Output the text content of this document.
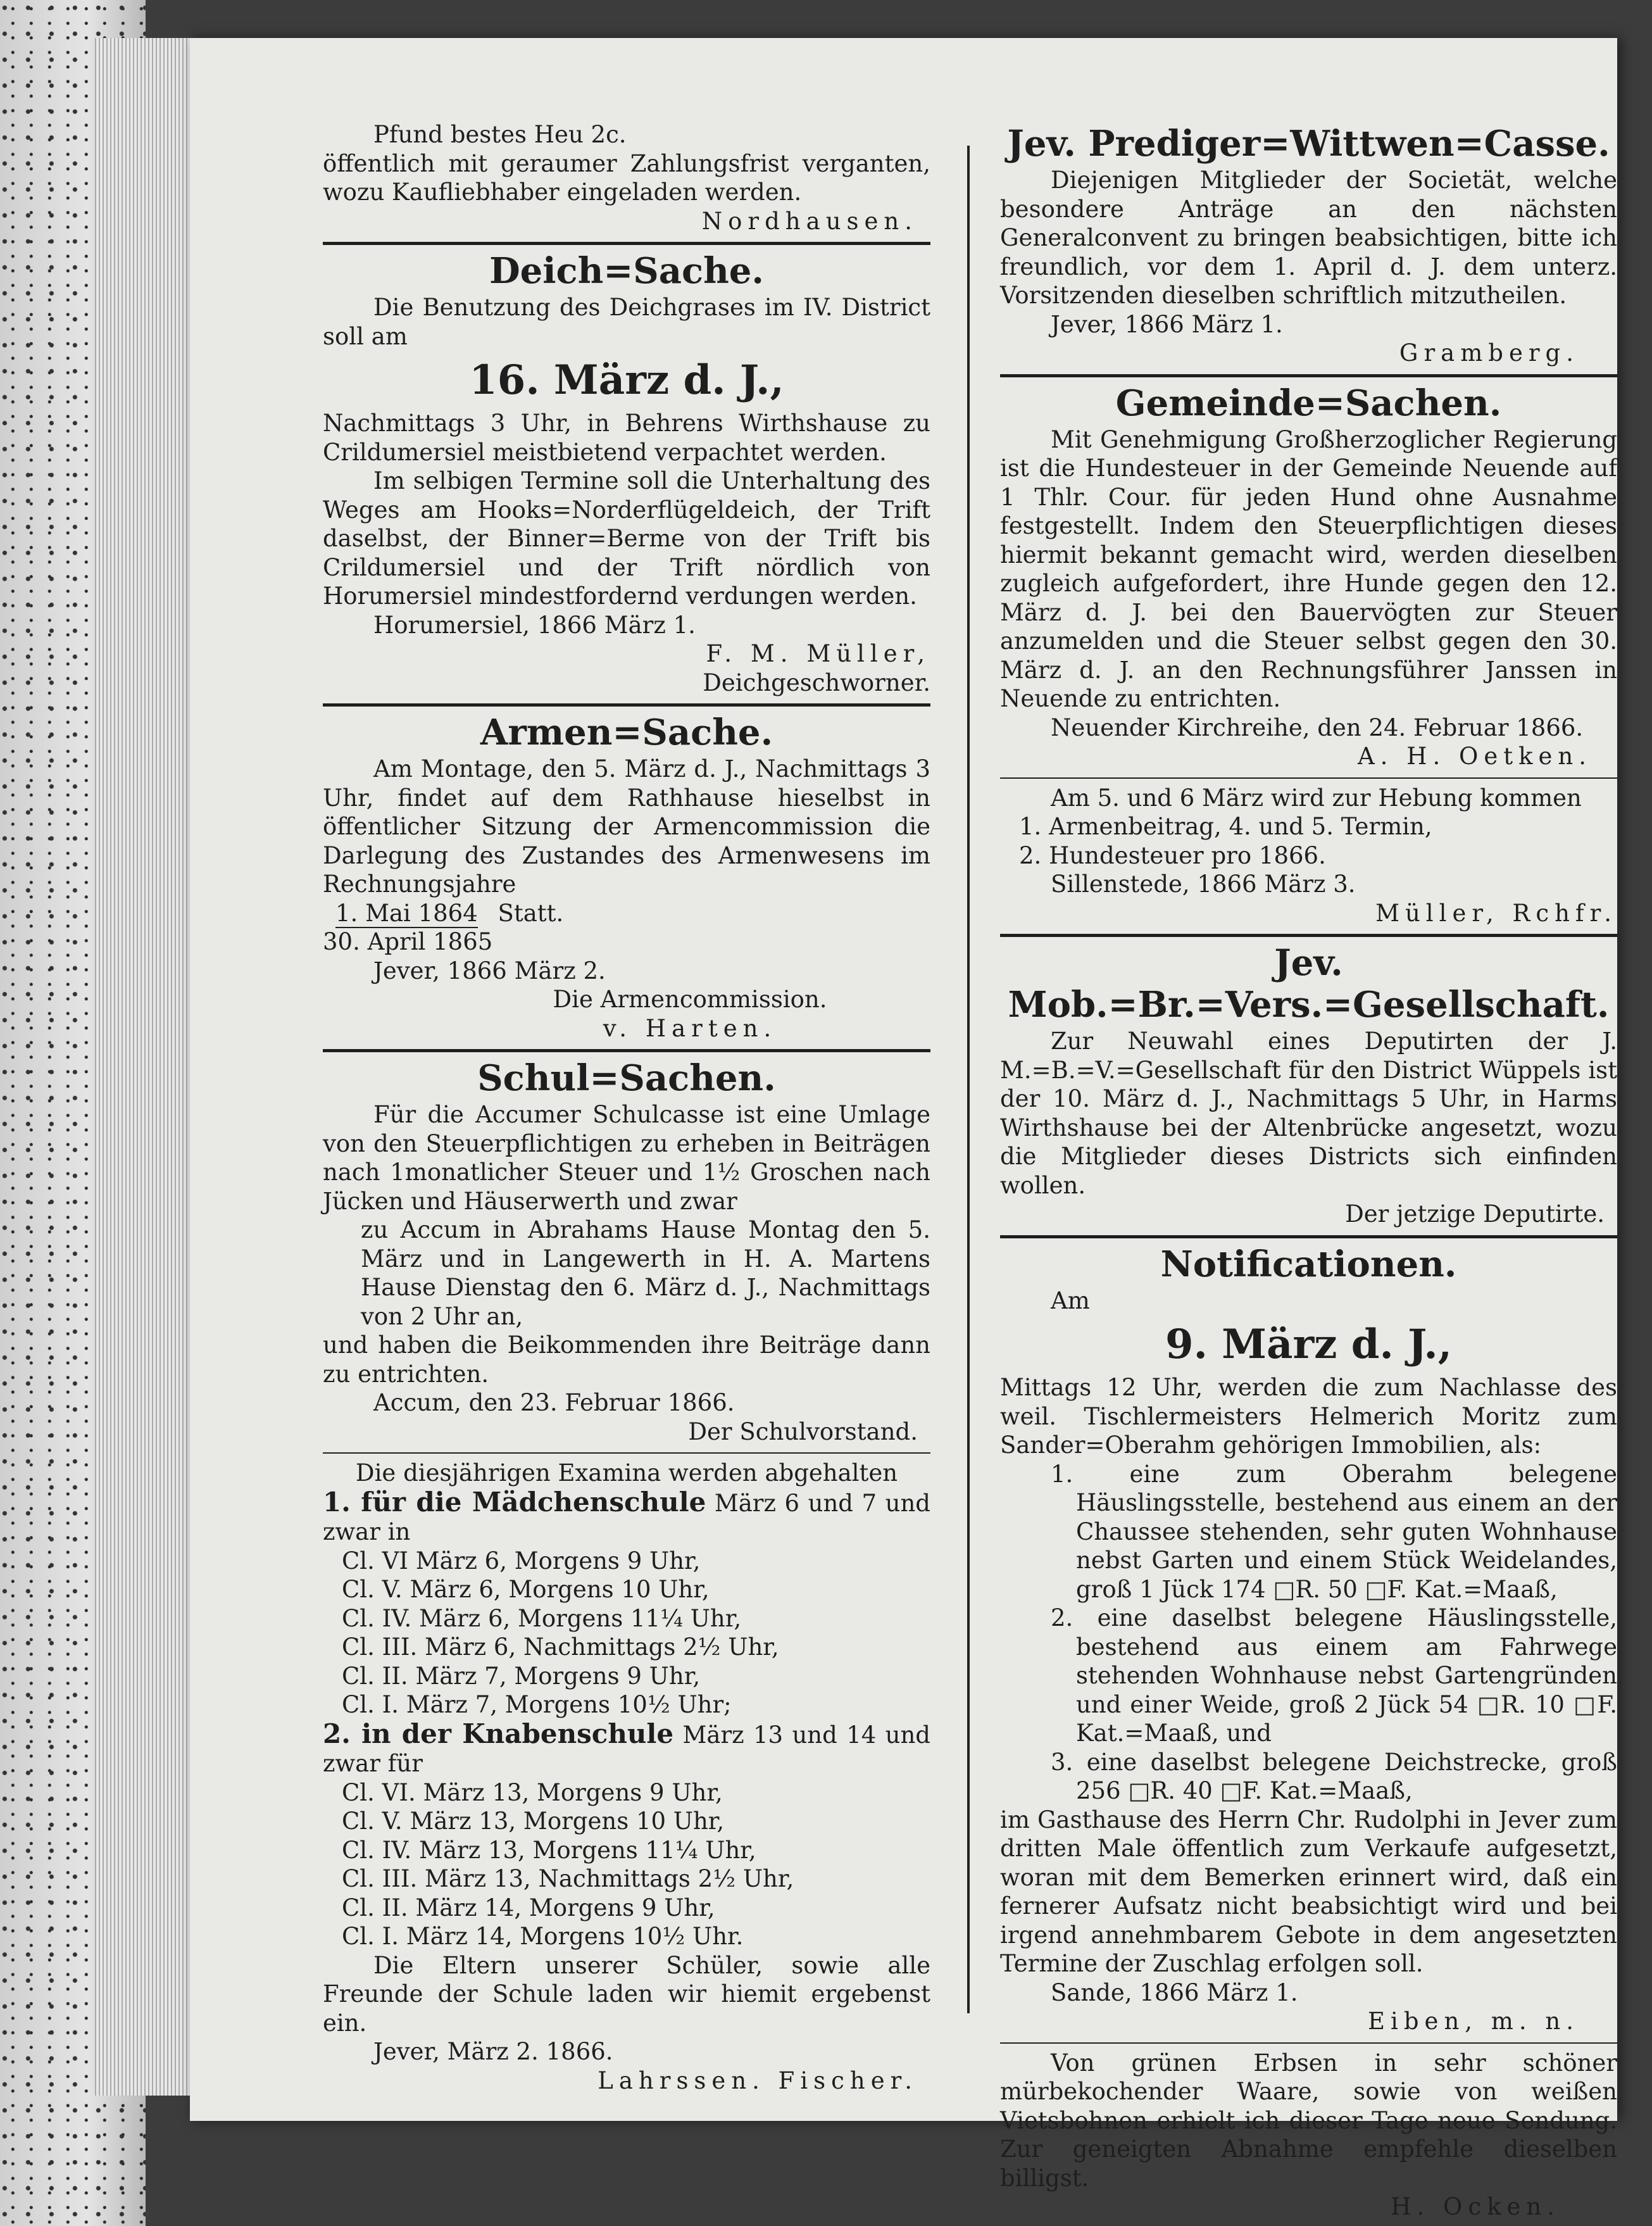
Pfund bestes Heu 2c.

öffentlich mit geraumer Zahlungsfrist verganten, wozu Kaufliebhaber eingeladen werden.

Nordhausen.

Deich=Sache.

Die Benutzung des Deichgrases im IV. District soll am

16. März d. J.,

Nachmittags 3 Uhr, in Behrens Wirthshause zu Crildumersiel meistbietend verpachtet werden.

Im selbigen Termine soll die Unterhaltung des Weges am Hooks=Norderflügeldeich, der Trift daselbst, der Binner=Berme von der Trift bis Crildumersiel und der Trift nördlich von Horumersiel mindestfordernd verdungen werden.

Horumersiel, 1866 März 1.

F. M. Müller,

Deichgeschworner.

Armen=Sache.

Am Montage, den 5. März d. J., Nachmittags 3 Uhr, findet auf dem Rathhause hieselbst in öffentlicher Sitzung der Armencommission die Darlegung des Zustandes des Armenwesens im Rechnungsjahre

1. Mai 1864 Statt.

30. April 1865

Jever, 1866 März 2.

Die Armencommission.

v. Harten.

Schul=Sachen.

Für die Accumer Schulcasse ist eine Umlage von den Steuerpflichtigen zu erheben in Beiträgen nach 1monatlicher Steuer und 1½ Groschen nach Jücken und Häuserwerth und zwar

zu Accum in Abrahams Hause Montag den 5. März und in Langewerth in H. A. Martens Hause Dienstag den 6. März d. J., Nachmittags von 2 Uhr an,

und haben die Beikommenden ihre Beiträge dann zu entrichten.

Accum, den 23. Februar 1866.

Der Schulvorstand.

Die diesjährigen Examina werden abgehalten

1. für die Mädchenschule März 6 und 7 und zwar in

Cl. VI März 6, Morgens 9 Uhr,

Cl. V. März 6, Morgens 10 Uhr,

Cl. IV. März 6, Morgens 11¼ Uhr,

Cl. III. März 6, Nachmittags 2½ Uhr,

Cl. II. März 7, Morgens 9 Uhr,

Cl. I. März 7, Morgens 10½ Uhr;

2. in der Knabenschule März 13 und 14 und zwar für

Cl. VI. März 13, Morgens 9 Uhr,

Cl. V. März 13, Morgens 10 Uhr,

Cl. IV. März 13, Morgens 11¼ Uhr,

Cl. III. März 13, Nachmittags 2½ Uhr,

Cl. II. März 14, Morgens 9 Uhr,

Cl. I. März 14, Morgens 10½ Uhr.

Die Eltern unserer Schüler, sowie alle Freunde der Schule laden wir hiemit ergebenst ein.

Jever, März 2. 1866.

Lahrssen. Fischer.

Jev. Prediger=Wittwen=Casse.

Diejenigen Mitglieder der Societät, welche besondere Anträge an den nächsten Generalconvent zu bringen beabsichtigen, bitte ich freundlich, vor dem 1. April d. J. dem unterz. Vorsitzenden dieselben schriftlich mitzutheilen.

Jever, 1866 März 1.

Gramberg.

Gemeinde=Sachen.

Mit Genehmigung Großherzoglicher Regierung ist die Hundesteuer in der Gemeinde Neuende auf 1 Thlr. Cour. für jeden Hund ohne Ausnahme festgestellt. Indem den Steuerpflichtigen dieses hiermit bekannt gemacht wird, werden dieselben zugleich aufgefordert, ihre Hunde gegen den 12. März d. J. bei den Bauervögten zur Steuer anzumelden und die Steuer selbst gegen den 30. März d. J. an den Rechnungsführer Janssen in Neuende zu entrichten.

Neuender Kirchreihe, den 24. Februar 1866.

A. H. Oetken.

Am 5. und 6 März wird zur Hebung kommen

1. Armenbeitrag, 4. und 5. Termin,

2. Hundesteuer pro 1866.

Sillenstede, 1866 März 3.

Müller, Rchfr.

Jev. Mob.=Br.=Vers.=Gesellschaft.

Zur Neuwahl eines Deputirten der J. M.=B.=V.=Gesellschaft für den District Wüppels ist der 10. März d. J., Nachmittags 5 Uhr, in Harms Wirthshause bei der Altenbrücke angesetzt, wozu die Mitglieder dieses Districts sich einfinden wollen.

Der jetzige Deputirte.

Notificationen.

Am

9. März d. J.,

Mittags 12 Uhr, werden die zum Nachlasse des weil. Tischlermeisters Helmerich Moritz zum Sander=Oberahm gehörigen Immobilien, als:

1. eine zum Oberahm belegene Häuslingsstelle, bestehend aus einem an der Chaussee stehenden, sehr guten Wohnhause nebst Garten und einem Stück Weidelandes, groß 1 Jück 174 □R. 50 □F. Kat.=Maaß,

2. eine daselbst belegene Häuslingsstelle, bestehend aus einem am Fahrwege stehenden Wohnhause nebst Gartengründen und einer Weide, groß 2 Jück 54 □R. 10 □F. Kat.=Maaß, und

3. eine daselbst belegene Deichstrecke, groß 256 □R. 40 □F. Kat.=Maaß,

im Gasthause des Herrn Chr. Rudolphi in Jever zum dritten Male öffentlich zum Verkaufe aufgesetzt, woran mit dem Bemerken erinnert wird, daß ein fernerer Aufsatz nicht beabsichtigt wird und bei irgend annehmbarem Gebote in dem angesetzten Termine der Zuschlag erfolgen soll.

Sande, 1866 März 1.

Eiben, m. n.

Von grünen Erbsen in sehr schöner mürbekochender Waare, sowie von weißen Vietsbohnen erhielt ich dieser Tage neue Sendung. Zur geneigten Abnahme empfehle dieselben billigst.

H. Ocken.
